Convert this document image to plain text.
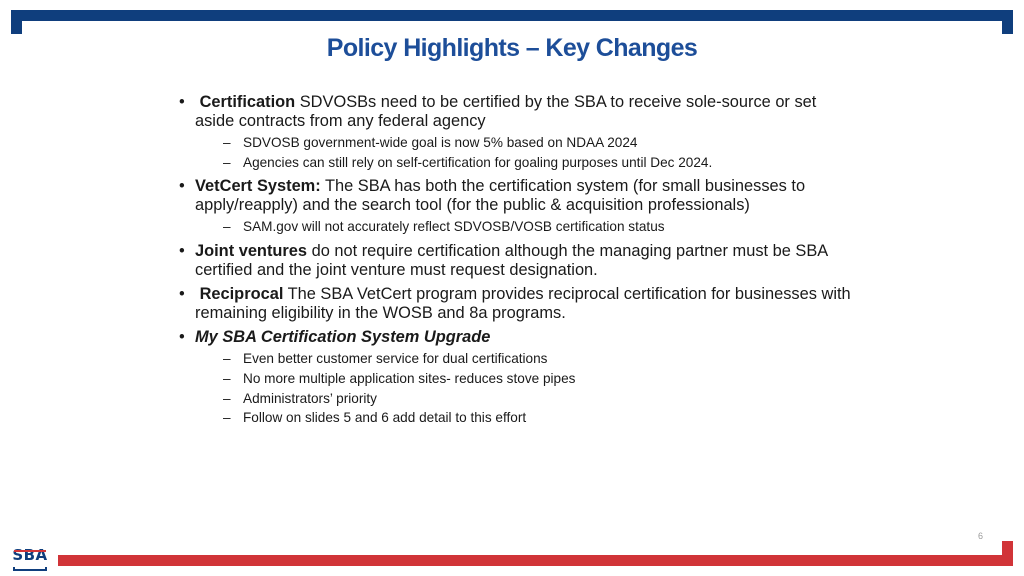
Policy Highlights – Key Changes
• Certification SDVOSBs need to be certified by the SBA to receive sole-source or set aside contracts from any federal agency
– SDVOSB government-wide goal is now 5% based on NDAA 2024
– Agencies can still rely on self-certification for goaling purposes until Dec 2024.
• VetCert System: The SBA has both the certification system (for small businesses to apply/reapply) and the search tool (for the public & acquisition professionals)
– SAM.gov will not accurately reflect SDVOSB/VOSB certification status
• Joint ventures do not require certification although the managing partner must be SBA certified and the joint venture must request designation.
• Reciprocal The SBA VetCert program provides reciprocal certification for businesses with remaining eligibility in the WOSB and 8a programs.
• My SBA Certification System Upgrade
– Even better customer service for dual certifications
– No more multiple application sites- reduces stove pipes
– Administrators’ priority
– Follow on slides 5 and 6 add detail to this effort
6
SBA
